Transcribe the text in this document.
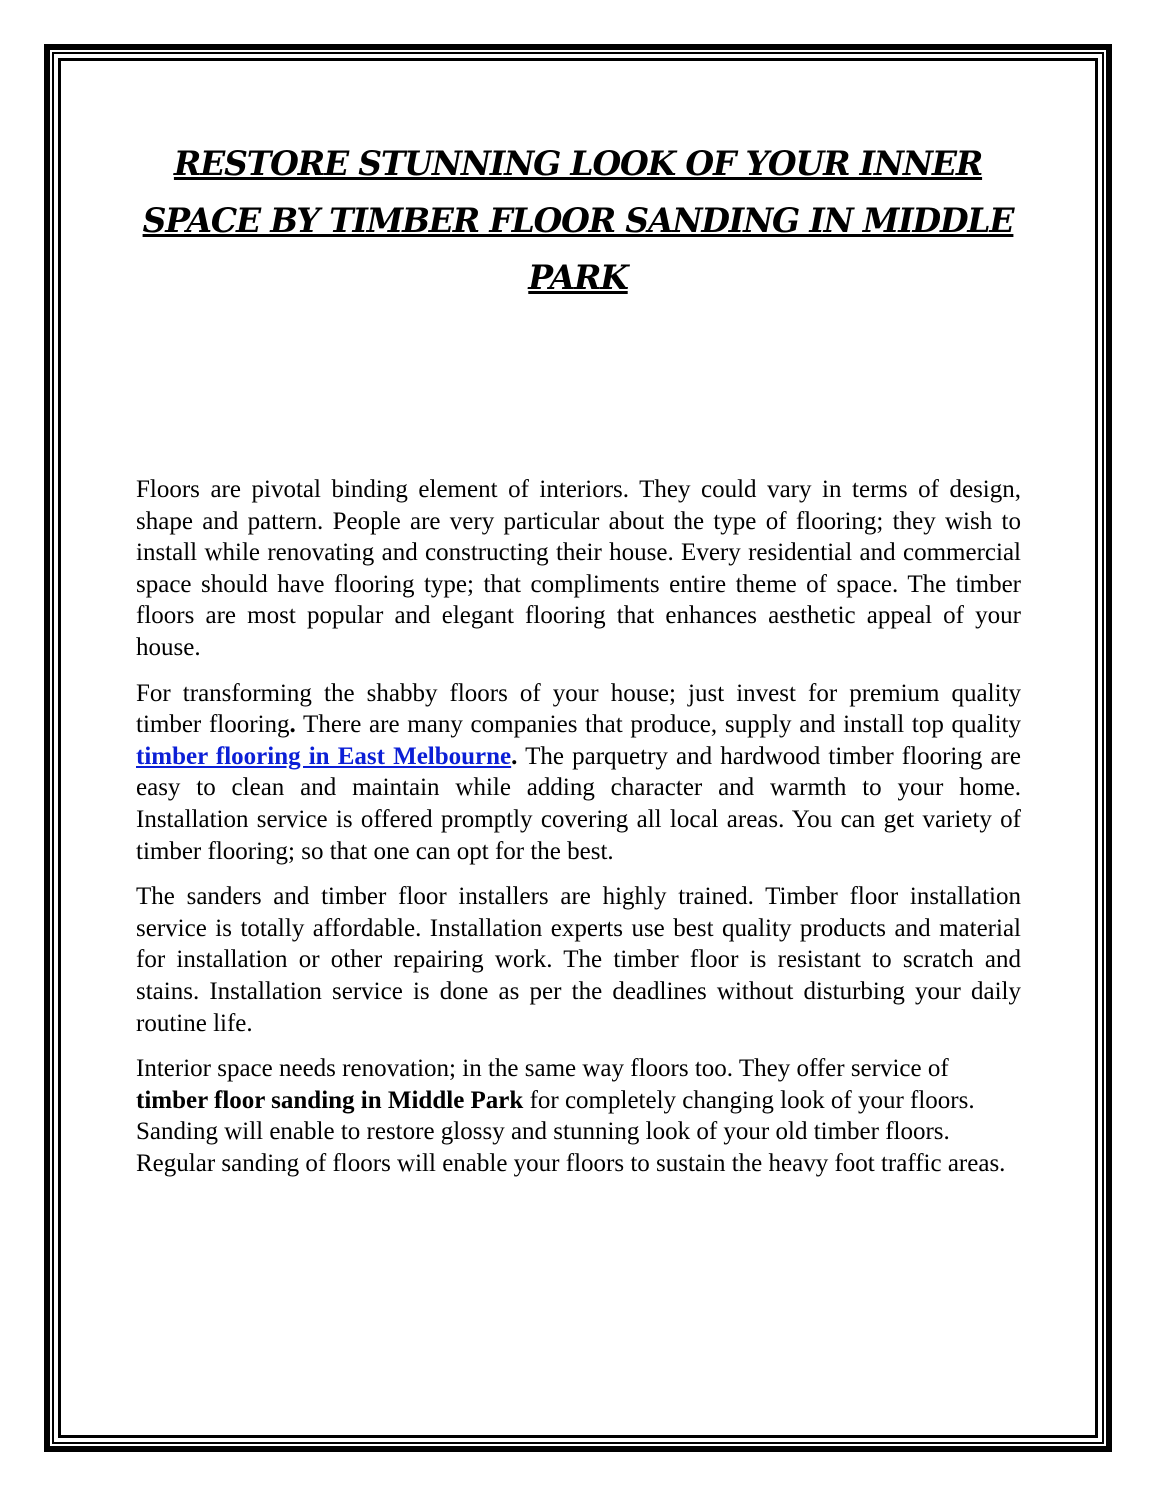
RESTORE STUNNING LOOK OF YOUR INNER SPACE BY TIMBER FLOOR SANDING IN MIDDLE PARK

Floors are pivotal binding element of interiors. They could vary in terms of design, shape and pattern. People are very particular about the type of flooring; they wish to install while renovating and constructing their house. Every residential and commercial space should have flooring type; that compliments entire theme of space. The timber floors are most popular and elegant flooring that enhances aesthetic appeal of your house.

For transforming the shabby floors of your house; just invest for premium quality timber flooring. There are many companies that produce, supply and install top quality timber flooring in East Melbourne. The parquetry and hardwood timber flooring are easy to clean and maintain while adding character and warmth to your home. Installation service is offered promptly covering all local areas. You can get variety of timber flooring; so that one can opt for the best.

The sanders and timber floor installers are highly trained. Timber floor installation service is totally affordable. Installation experts use best quality products and material for installation or other repairing work. The timber floor is resistant to scratch and stains. Installation service is done as per the deadlines without disturbing your daily routine life.

Interior space needs renovation; in the same way floors too. They offer service of timber floor sanding in Middle Park for completely changing look of your floors. Sanding will enable to restore glossy and stunning look of your old timber floors. Regular sanding of floors will enable your floors to sustain the heavy foot traffic areas.
